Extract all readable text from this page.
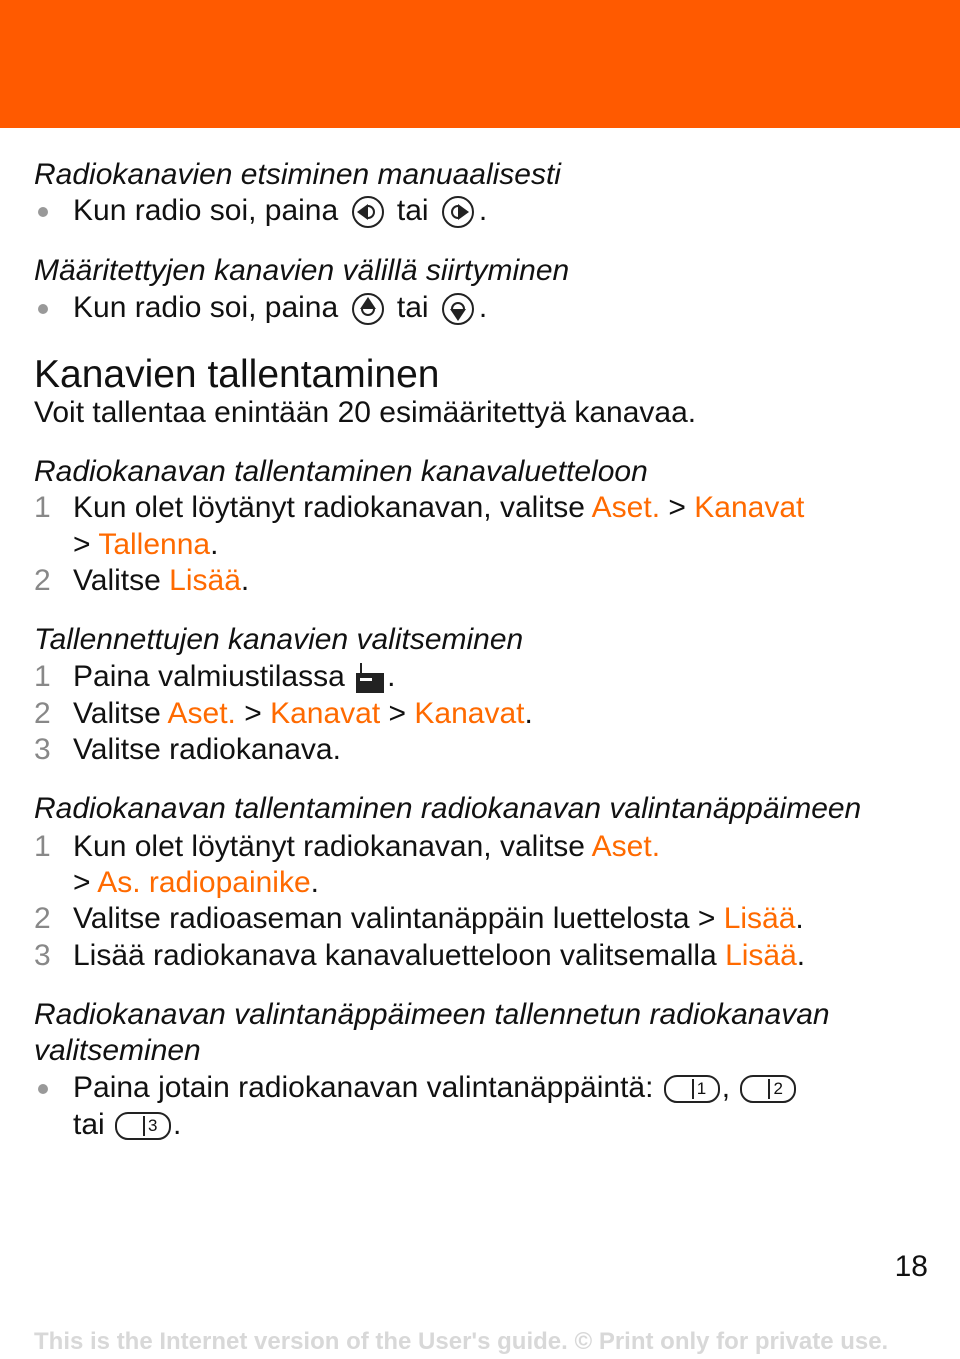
Radiokanavien etsiminen manuaalisesti
Kun radio soi, paina tai .
Määritettyjen kanavien välillä siirtyminen
Kun radio soi, paina tai .
Kanavien tallentaminen
Voit tallentaa enintään 20 esimääritettyä kanavaa.
Radiokanavan tallentaminen kanavaluetteloon
1 Kun olet löytänyt radiokanavan, valitse Aset. > Kanavat
> Tallenna.
2 Valitse Lisää.
Tallennettujen kanavien valitseminen
1 Paina valmiustilassa .
2 Valitse Aset. > Kanavat > Kanavat.
3 Valitse radiokanava.
Radiokanavan tallentaminen radiokanavan valintanäppäimeen
1 Kun olet löytänyt radiokanavan, valitse Aset.
> As. radiopainike.
2 Valitse radioaseman valintanäppäin luettelosta > Lisää.
3 Lisää radiokanava kanavaluetteloon valitsemalla Lisää.
Radiokanavan valintanäppäimeen tallennetun radiokanavan
valitseminen
Paina jotain radiokanavan valintanäppäintä:	1 , 2
tai	3 .
18
This is the Internet version of the User's guide. © Print only for private use.
